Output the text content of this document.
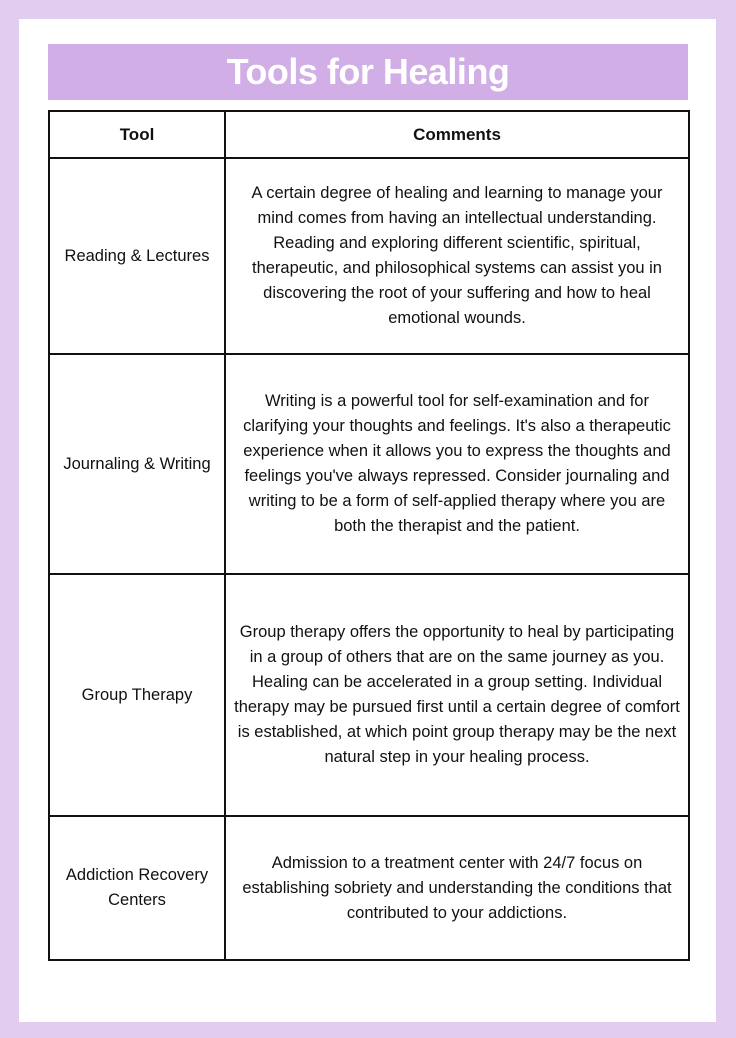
Tools for Healing
Tool	Comments
Reading & Lectures	A certain degree of healing and learning to manage your mind comes from having an intellectual understanding. Reading and exploring different scientific, spiritual, therapeutic, and philosophical systems can assist you in discovering the root of your suffering and how to heal emotional wounds.
Journaling & Writing	Writing is a powerful tool for self-examination and for clarifying your thoughts and feelings. It's also a therapeutic experience when it allows you to express the thoughts and feelings you've always repressed. Consider journaling and writing to be a form of self-applied therapy where you are both the therapist and the patient.
Group Therapy	Group therapy offers the opportunity to heal by participating in a group of others that are on the same journey as you. Healing can be accelerated in a group setting. Individual therapy may be pursued first until a certain degree of comfort is established, at which point group therapy may be the next natural step in your healing process.
Addiction Recovery Centers	Admission to a treatment center with 24/7 focus on establishing sobriety and understanding the conditions that contributed to your addictions.
